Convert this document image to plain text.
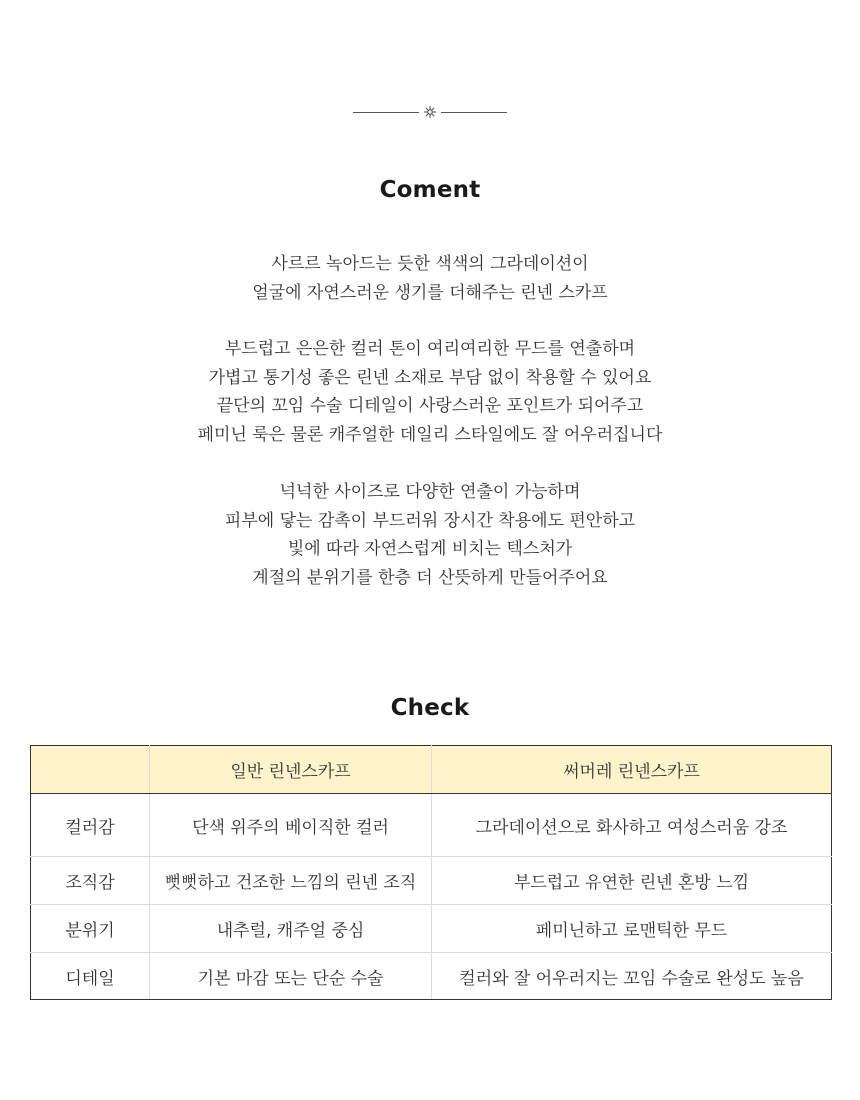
Coment
사르르 녹아드는 듯한 색색의 그라데이션이
얼굴에 자연스러운 생기를 더해주는 린넨 스카프
부드럽고 은은한 컬러 톤이 여리여리한 무드를 연출하며
가볍고 통기성 좋은 린넨 소재로 부담 없이 착용할 수 있어요
끝단의 꼬임 수술 디테일이 사랑스러운 포인트가 되어주고
페미닌 룩은 물론 캐주얼한 데일리 스타일에도 잘 어우러집니다
넉넉한 사이즈로 다양한 연출이 가능하며
피부에 닿는 감촉이 부드러워 장시간 착용에도 편안하고
빛에 따라 자연스럽게 비치는 텍스처가
계절의 분위기를 한층 더 산뜻하게 만들어주어요
Check
	일반 린넨스카프	써머레 린넨스카프
컬러감	단색 위주의 베이직한 컬러	그라데이션으로 화사하고 여성스러움 강조
조직감	뻣뻣하고 건조한 느낌의 린넨 조직	부드럽고 유연한 린넨 혼방 느낌
분위기	내추럴, 캐주얼 중심	페미닌하고 로맨틱한 무드
디테일	기본 마감 또는 단순 수술	컬러와 잘 어우러지는 꼬임 수술로 완성도 높음
